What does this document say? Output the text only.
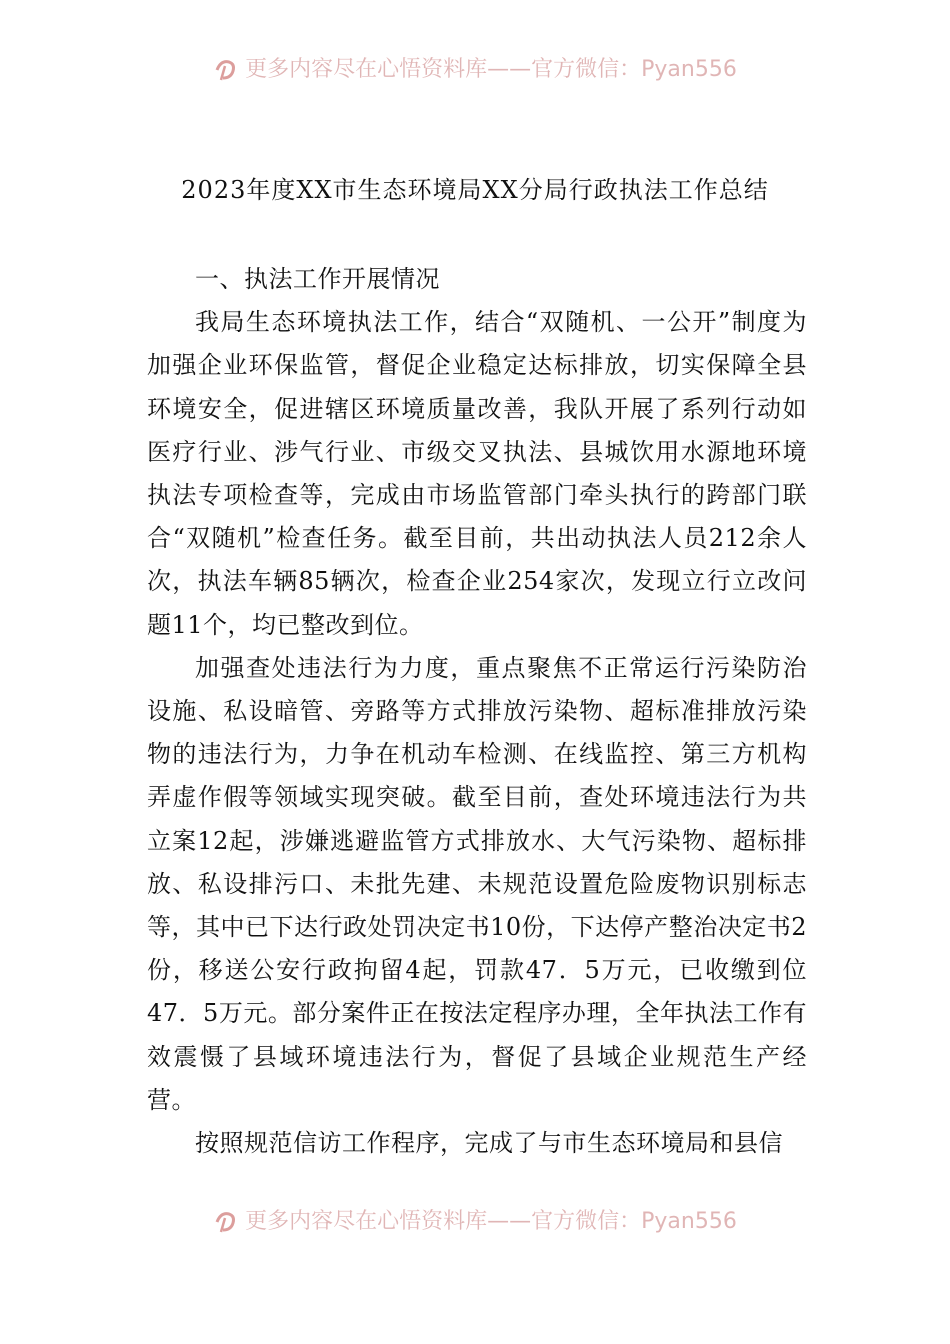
更多内容尽在心悟资料库——官方微信：Pyan556
2023年度XX市生态环境局XX分局行政执法工作总结
一、执法工作开展情况

我局生态环境执法工作，结合“双随机、一公开”制度为加强企业环保监管，督促企业稳定达标排放，切实保障全县环境安全，促进辖区环境质量改善，我队开展了系列行动如医疗行业、涉气行业、市级交叉执法、县城饮用水源地环境执法专项检查等，完成由市场监管部门牵头执行的跨部门联合“双随机”检查任务。截至目前，共出动执法人员212余人次，执法车辆85辆次，检查企业254家次，发现立行立改问题11个，均已整改到位。

加强查处违法行为力度，重点聚焦不正常运行污染防治设施、私设暗管、旁路等方式排放污染物、超标准排放污染物的违法行为，力争在机动车检测、在线监控、第三方机构弄虚作假等领域实现突破。截至目前，查处环境违法行为共立案12起，涉嫌逃避监管方式排放水、大气污染物、超标排放、私设排污口、未批先建、未规范设置危险废物识别标志等，其中已下达行政处罚决定书10份，下达停产整治决定书2份，移送公安行政拘留4起，罚款47．5万元，已收缴到位47．5万元。部分案件正在按法定程序办理，全年执法工作有效震慑了县域环境违法行为，督促了县域企业规范生产经营。

按照规范信访工作程序，完成了与市生态环境局和县信

更多内容尽在心悟资料库——官方微信：Pyan556
